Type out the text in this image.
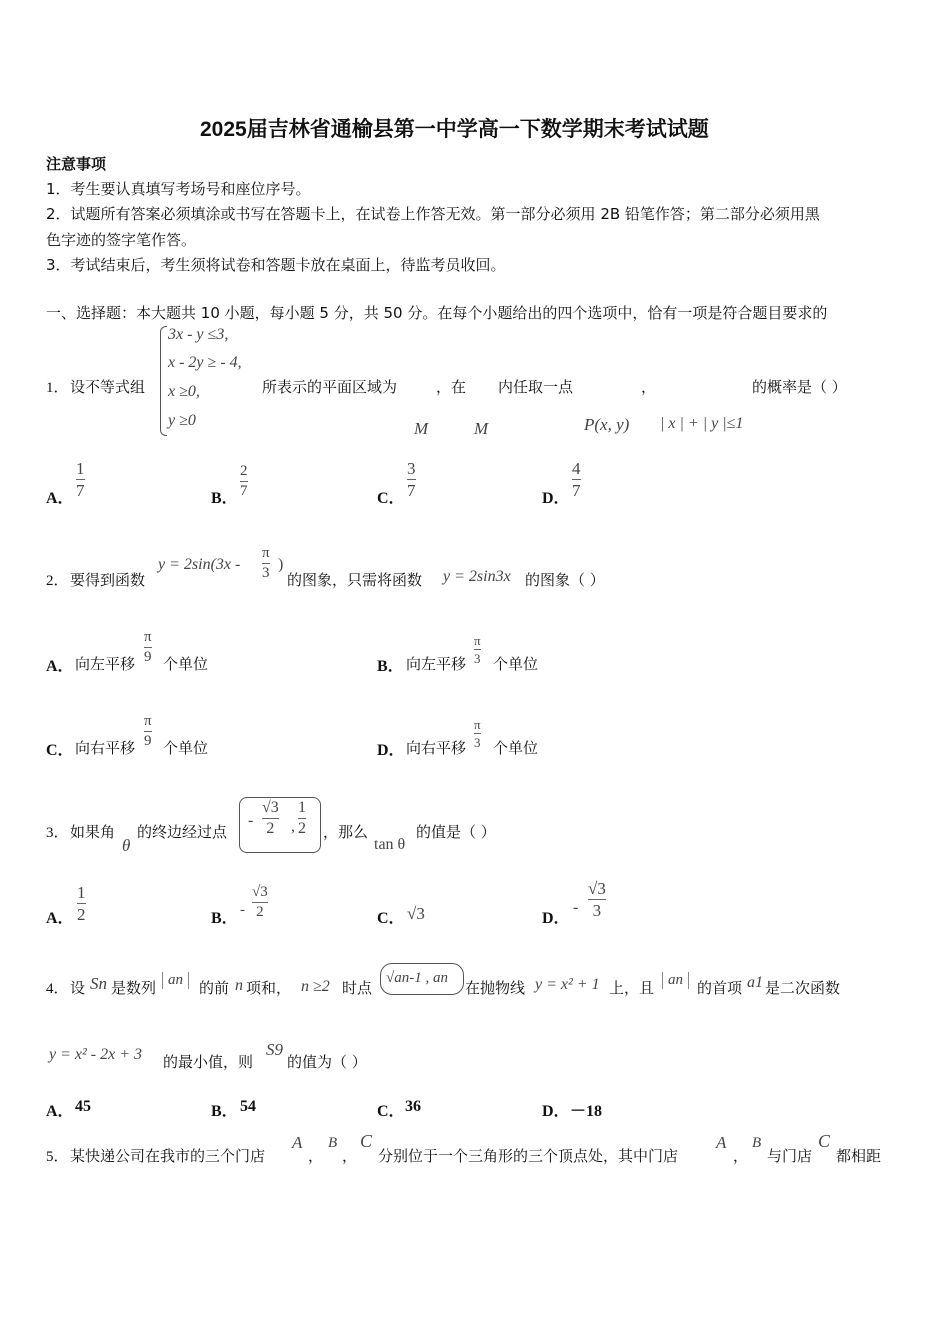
2025届吉林省通榆县第一中学高一下数学期末考试试题
注意事项
1．考生要认真填写考场号和座位序号。
2．试题所有答案必须填涂或书写在答题卡上，在试卷上作答无效。第一部分必须用 2B 铅笔作答；第二部分必须用黑
色字迹的签字笔作答。
3．考试结束后，考生须将试卷和答题卡放在桌面上，待监考员收回。
一、选择题：本大题共 10 小题，每小题 5 分，共 50 分。在每个小题给出的四个选项中，恰有一项是符合题目要求的
1． 设不等式组
3x - y ≤3,
x - 2y ≥ - 4,
x ≥0,
y ≥0
所表示的平面区域为	，在 内任取一点	，	的概率是（ ）
M	M	P(x, y) | x | + | y |≤1
A．
1
7	B．
2
7	C．
3
7	D．
4
7
2． 要得到函数
y = 2sin(3x -
π
3 )
的图象，只需将函数 y = 2sin3x 的图象（ ）
A． 向左平移
π
9 个单位	B． 向左平移
π
3 个单位
C． 向右平移
π
9 个单位	D． 向右平移
π
3 个单位
3． 如果角
θ
的终边经过点
-
√3
2 ,
1
2 ，那么
tan θ
的值是（ ）
A．
1
2	B． -
√3
2	C． √3	D．
-
√3
3
4． 设 Sn 是数列 an	的前 n 项和， n ≥2 时点
√an-1 , an
在抛物线 y = x² + 1 上，且 an 的首项 a1 是二次函数
y = x² - 2x + 3 的最小值，则
S9
的值为（ ）
A． 45	B． 54	C． 36	D． －18
5． 某快递公司在我市的三个门店
A
，
B
，
C
分别位于一个三角形的三个顶点处，其中门店
A
，
B
与门店
C
都相距
